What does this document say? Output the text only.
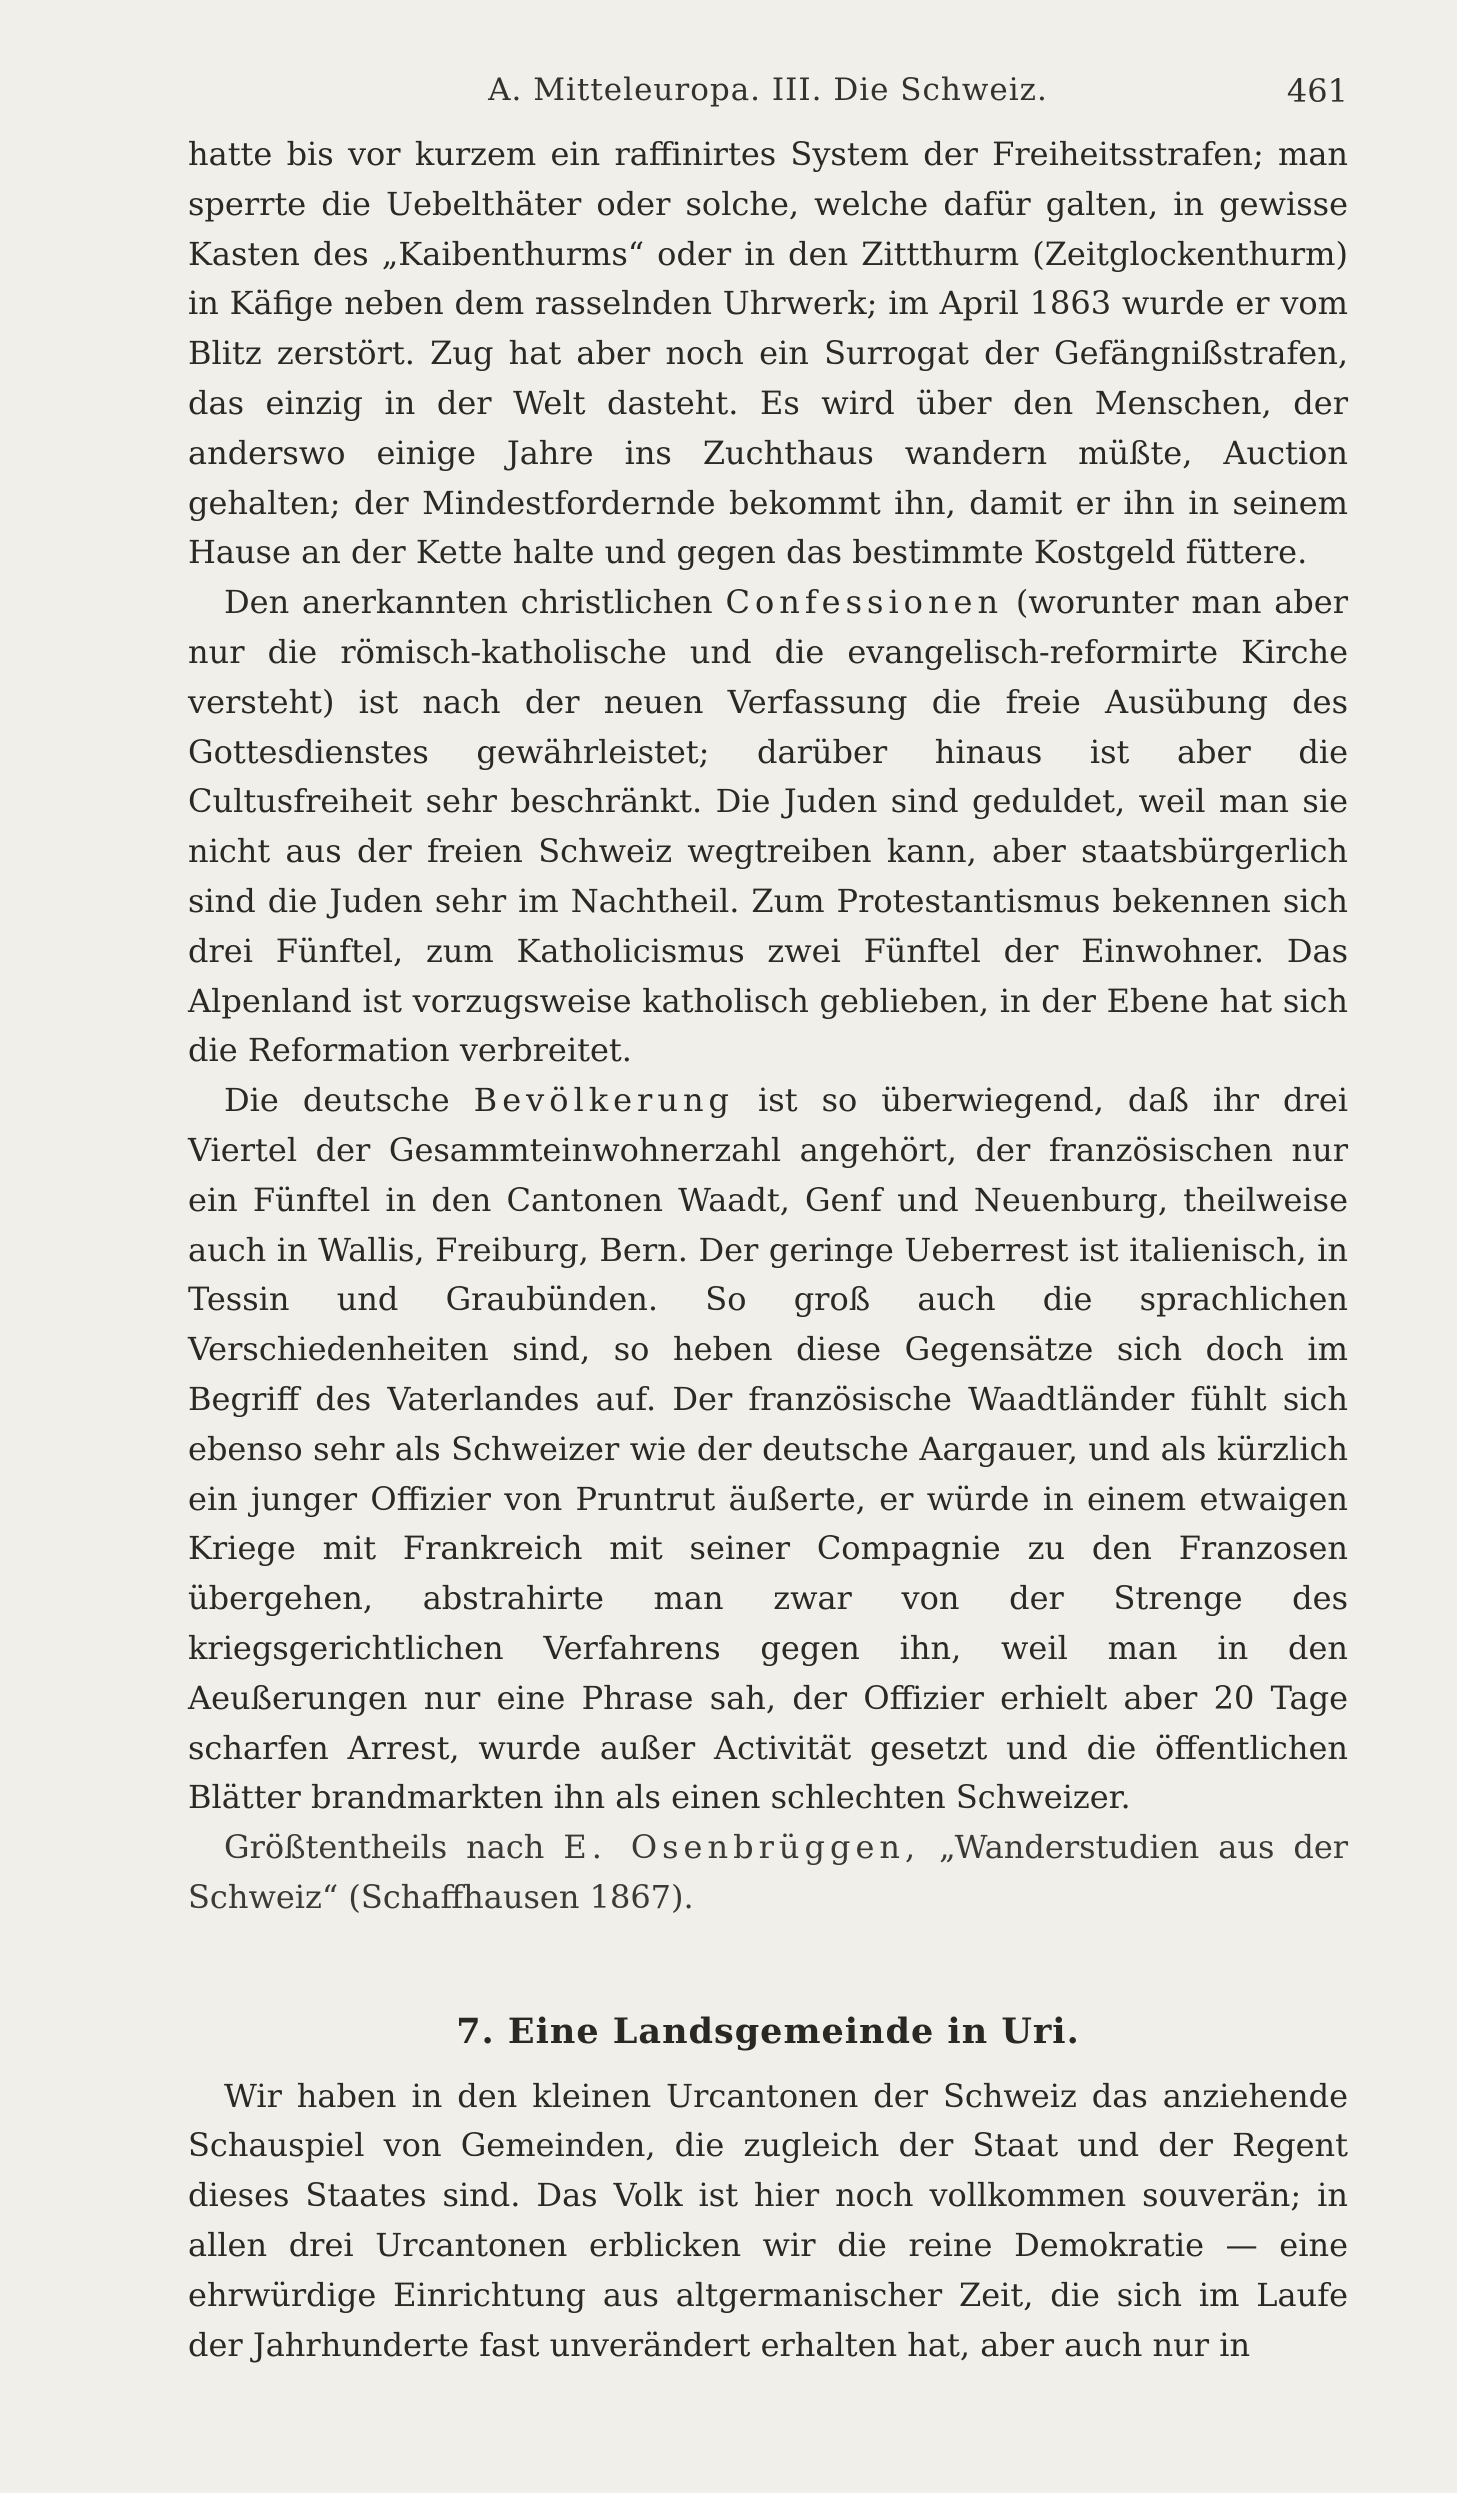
A. Mitteleuropa. III. Die Schweiz.	461

hatte bis vor kurzem ein raffinirtes System der Freiheitsstrafen; man sperrte die Uebelthäter oder solche, welche dafür galten, in gewisse Kasten des „Kaibenthurms“ oder in den Zittthurm (Zeitglockenthurm) in Käfige neben dem rasselnden Uhrwerk; im April 1863 wurde er vom Blitz zerstört. Zug hat aber noch ein Surrogat der Gefängnißstrafen, das einzig in der Welt dasteht. Es wird über den Menschen, der anderswo einige Jahre ins Zuchthaus wandern müßte, Auction gehalten; der Mindestfordernde bekommt ihn, damit er ihn in seinem Hause an der Kette halte und gegen das bestimmte Kostgeld füttere.

Den anerkannten christlichen Confessionen (worunter man aber nur die römisch-katholische und die evangelisch-reformirte Kirche versteht) ist nach der neuen Verfassung die freie Ausübung des Gottesdienstes gewährleistet; darüber hinaus ist aber die Cultusfreiheit sehr beschränkt. Die Juden sind geduldet, weil man sie nicht aus der freien Schweiz wegtreiben kann, aber staatsbürgerlich sind die Juden sehr im Nachtheil. Zum Protestantismus bekennen sich drei Fünftel, zum Katholicismus zwei Fünftel der Einwohner. Das Alpenland ist vorzugsweise katholisch geblieben, in der Ebene hat sich die Reformation verbreitet.

Die deutsche Bevölkerung ist so überwiegend, daß ihr drei Viertel der Gesammteinwohnerzahl angehört, der französischen nur ein Fünftel in den Cantonen Waadt, Genf und Neuenburg, theilweise auch in Wallis, Freiburg, Bern. Der geringe Ueberrest ist italienisch, in Tessin und Graubünden. So groß auch die sprachlichen Verschiedenheiten sind, so heben diese Gegensätze sich doch im Begriff des Vaterlandes auf. Der französische Waadtländer fühlt sich ebenso sehr als Schweizer wie der deutsche Aargauer, und als kürzlich ein junger Offizier von Pruntrut äußerte, er würde in einem etwaigen Kriege mit Frankreich mit seiner Compagnie zu den Franzosen übergehen, abstrahirte man zwar von der Strenge des kriegsgerichtlichen Verfahrens gegen ihn, weil man in den Aeußerungen nur eine Phrase sah, der Offizier erhielt aber 20 Tage scharfen Arrest, wurde außer Activität gesetzt und die öffentlichen Blätter brandmarkten ihn als einen schlechten Schweizer.

Größtentheils nach E. Osenbrüggen, „Wanderstudien aus der Schweiz“ (Schaffhausen 1867).

7. Eine Landsgemeinde in Uri.

Wir haben in den kleinen Urcantonen der Schweiz das anziehende Schauspiel von Gemeinden, die zugleich der Staat und der Regent dieses Staates sind. Das Volk ist hier noch vollkommen souverän; in allen drei Urcantonen erblicken wir die reine Demokratie — eine ehrwürdige Einrichtung aus altgermanischer Zeit, die sich im Laufe der Jahrhunderte fast unverändert erhalten hat, aber auch nur in
